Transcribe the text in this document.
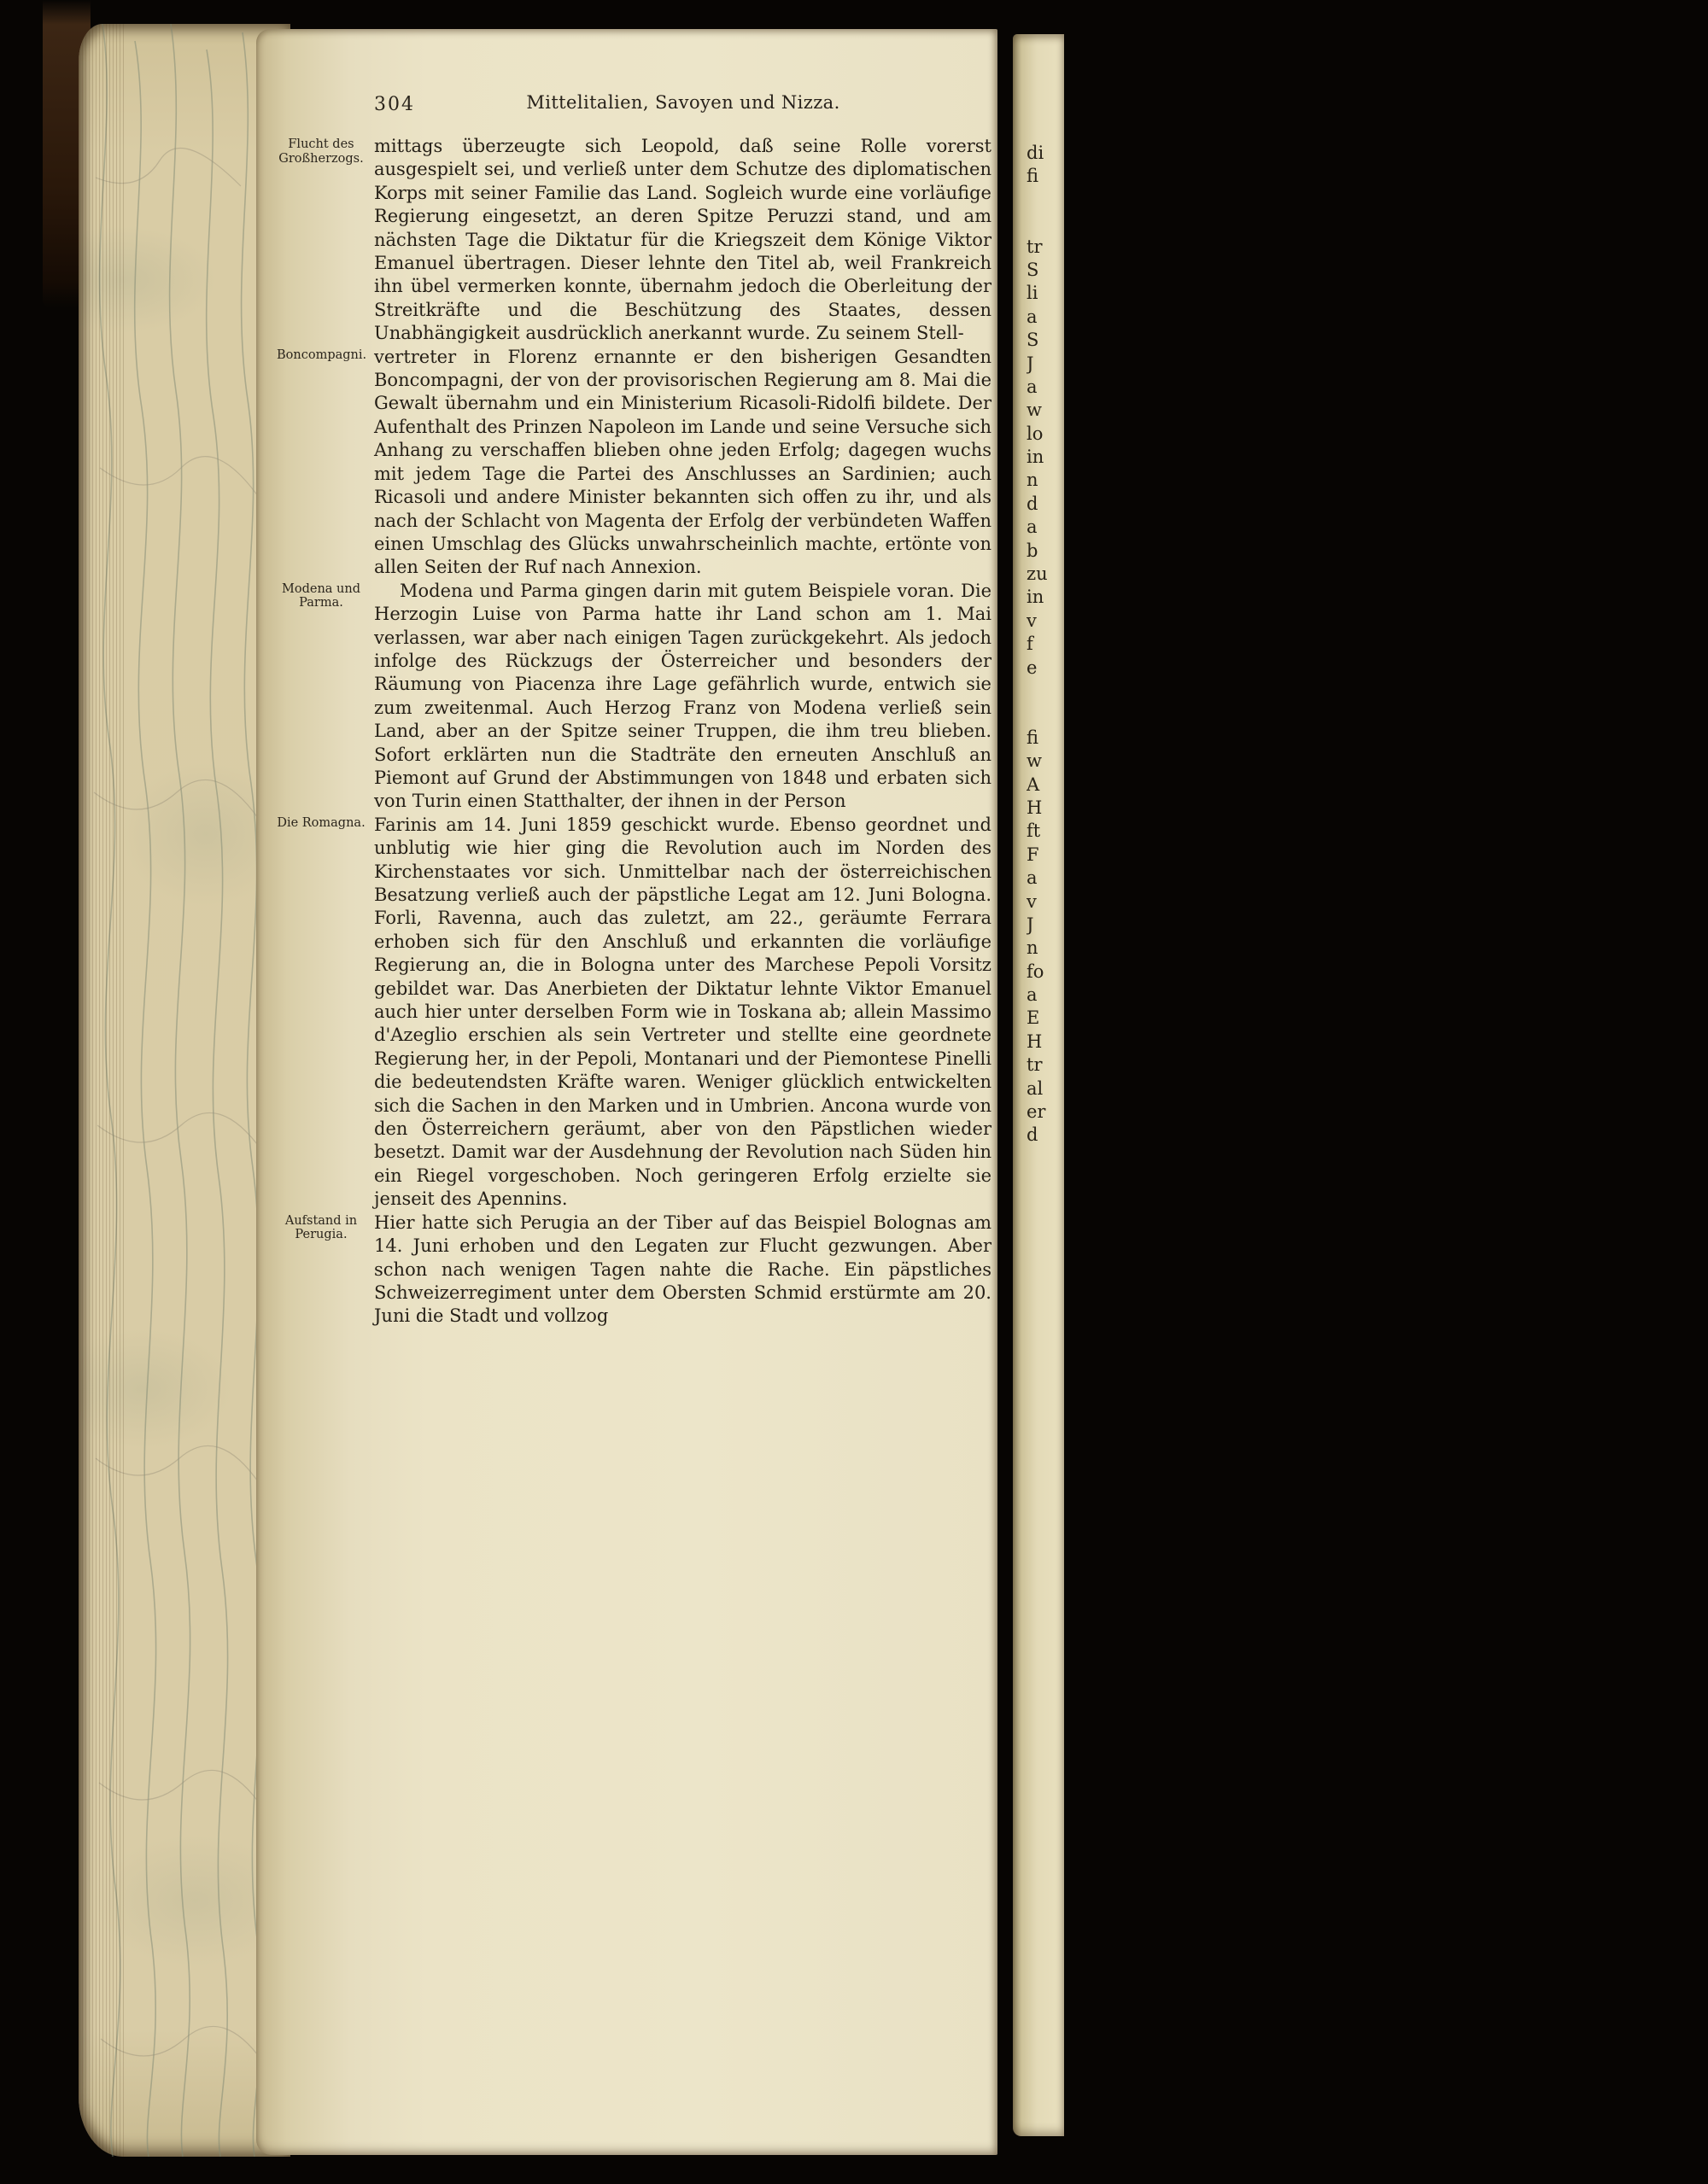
304	Mittelitalien, Savoyen und Nizza.
Flucht des Großherzogs.
mittags überzeugte sich Leopold, daß seine Rolle vorerst ausgespielt sei, und verließ unter dem Schutze des diplomatischen Korps mit seiner Familie das Land. Sogleich wurde eine vorläufige Regierung eingesetzt, an deren Spitze Peruzzi stand, und am nächsten Tage die Diktatur für die Kriegszeit dem Könige Viktor Emanuel übertragen. Dieser lehnte den Titel ab, weil Frankreich ihn übel vermerken konnte, übernahm jedoch die Oberleitung der Streitkräfte und die Beschützung des Staates, dessen Unabhängigkeit ausdrücklich anerkannt wurde. Zu seinem Stell-
Boncompagni. vertreter in Florenz ernannte er den bisherigen Gesandten Boncompagni, der von der provisorischen Regierung am 8. Mai die Gewalt übernahm und ein Ministerium Ricasoli-Ridolfi bildete. Der Aufenthalt des Prinzen Napoleon im Lande und seine Versuche sich Anhang zu verschaffen blieben ohne jeden Erfolg; dagegen wuchs mit jedem Tage die Partei des Anschlusses an Sardinien; auch Ricasoli und andere Minister bekannten sich offen zu ihr, und als nach der Schlacht von Magenta der Erfolg der verbündeten Waffen einen Umschlag des Glücks unwahrscheinlich machte, ertönte von allen Seiten der Ruf nach Annexion.
Modena und Parma.
Modena und Parma gingen darin mit gutem Beispiele voran. Die Herzogin Luise von Parma hatte ihr Land schon am 1. Mai verlassen, war aber nach einigen Tagen zurückgekehrt. Als jedoch infolge des Rückzugs der Österreicher und besonders der Räumung von Piacenza ihre Lage gefährlich wurde, entwich sie zum zweitenmal. Auch Herzog Franz von Modena verließ sein Land, aber an der Spitze seiner Truppen, die ihm treu blieben. Sofort erklärten nun die Stadträte den erneuten Anschluß an Piemont auf Grund der Abstimmungen von 1848 und erbaten sich von Turin einen Statthalter, der ihnen in der Person
Die Romagna. Farinis am 14. Juni 1859 geschickt wurde. Ebenso geordnet und unblutig wie hier ging die Revolution auch im Norden des Kirchenstaates vor sich. Unmittelbar nach der österreichischen Besatzung verließ auch der päpstliche Legat am 12. Juni Bologna. Forli, Ravenna, auch das zuletzt, am 22., geräumte Ferrara erhoben sich für den Anschluß und erkannten die vorläufige Regierung an, die in Bologna unter des Marchese Pepoli Vorsitz gebildet war. Das Anerbieten der Diktatur lehnte Viktor Emanuel auch hier unter derselben Form wie in Toskana ab; allein Massimo d'Azeglio erschien als sein Vertreter und stellte eine geordnete Regierung her, in der Pepoli, Montanari und der Piemontese Pinelli die bedeutendsten Kräfte waren. Weniger glücklich entwickelten sich die Sachen in den Marken und in Umbrien. Ancona wurde von den Österreichern geräumt, aber von den Päpstlichen wieder besetzt. Damit war der Ausdehnung der Revolution nach Süden hin ein Riegel vorgeschoben. Noch geringeren Erfolg erzielte sie jenseit des Apennins.
Aufstand in Perugia.
Hier hatte sich Perugia an der Tiber auf das Beispiel Bolognas am 14. Juni erhoben und den Legaten zur Flucht gezwungen. Aber schon nach wenigen Tagen nahte die Rache. Ein päpstliches Schweizerregiment unter dem Obersten Schmid erstürmte am 20. Juni die Stadt und vollzog
di
fi
tr
S
li
a
S
J
a
w
lo
in
n
d
a
b
zu
in
v
f
e
fi
w
A
H
ft
F
a
v
J
n
fo
a
E
H
tr
al
er
d
